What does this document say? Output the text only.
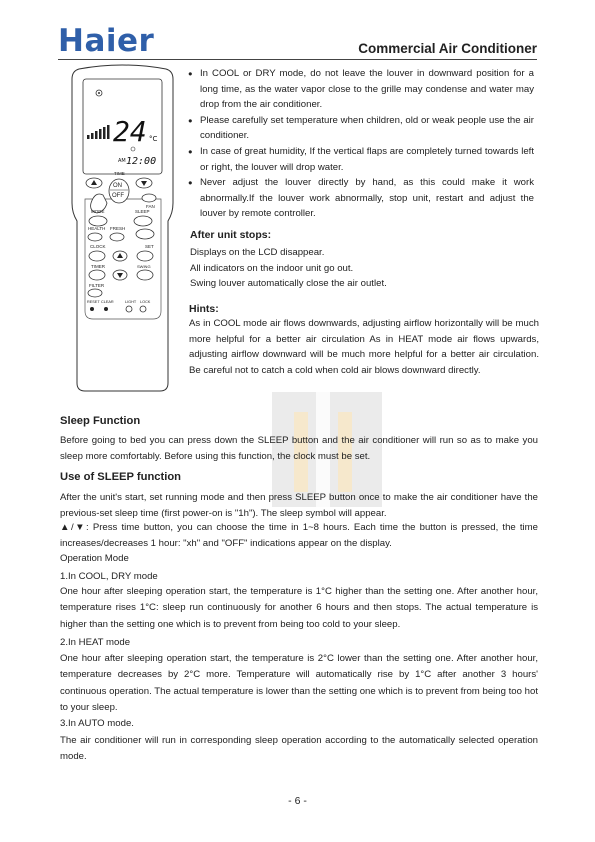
Haier	Commercial Air Conditioner
24 °C
AM 12:00
TIME
ON
OFF
FAN
MODE	SLEEP
HEALTH FRESH
CLOCK	SET
TIMER	SWING
FILTER
RESET CLEAR	LIGHT LOCK
● In COOL or DRY mode, do not leave the louver in downward position for a long time, as the water vapor close to the grille may condense and water may drop from the air conditioner.
● Please carefully set temperature when children, old or weak people use the air conditioner.
● In case of great humidity, If the vertical flaps are completely turned towards left or right, the louver will drop water.
● Never adjust the louver directly by hand, as this could make it work abnormally.If the louver work abnormally, stop unit, restart and adjust the louver by remote controller.
After unit stops:
Displays on the LCD disappear.
All indicators on the indoor unit go out.
Swing louver automatically close the air outlet.
Hints:
As in COOL mode air flows downwards, adjusting airflow horizontally will be much more helpful for a better air circulation As in HEAT mode air flows upwards, adjusting airflow downward will be much more helpful for a better air circulation. Be careful not to catch a cold when cold air blows downward directly.
Sleep Function
Before going to bed you can press down the SLEEP button and the air conditioner will run so as to make you sleep more comfortably. Before using this function, the clock must be set.
Use of SLEEP function
After the unit's start, set running mode and then press SLEEP button once to make the air conditioner have the previous-set sleep time (first power-on is "1h"). The sleep symbol will appear.
▲/▼: Press time button, you can choose the time in 1~8 hours. Each time the button is pressed, the time increases/decreases 1 hour: "xh" and "OFF" indications appear on the display.
Operation Mode
1.In COOL, DRY mode
One hour after sleeping operation start, the temperature is 1°C higher than the setting one. After another hour, temperature rises 1°C: sleep run continuously for another 6 hours and then stops. The actual temperature is higher than the setting one which is to prevent from being too cold to your sleep.
2.In HEAT mode
One hour after sleeping operation start, the temperature is 2°C lower than the setting one. After another hour, temperature decreases by 2°C more. Temperature will automatically rise by 1°C after another 3 hours' continuous operation. The actual temperature is lower than the setting one which is to prevent from being too hot to your sleep.
3.In AUTO mode.
The air conditioner will run in corresponding sleep operation according to the automatically selected operation mode.
- 6 -
